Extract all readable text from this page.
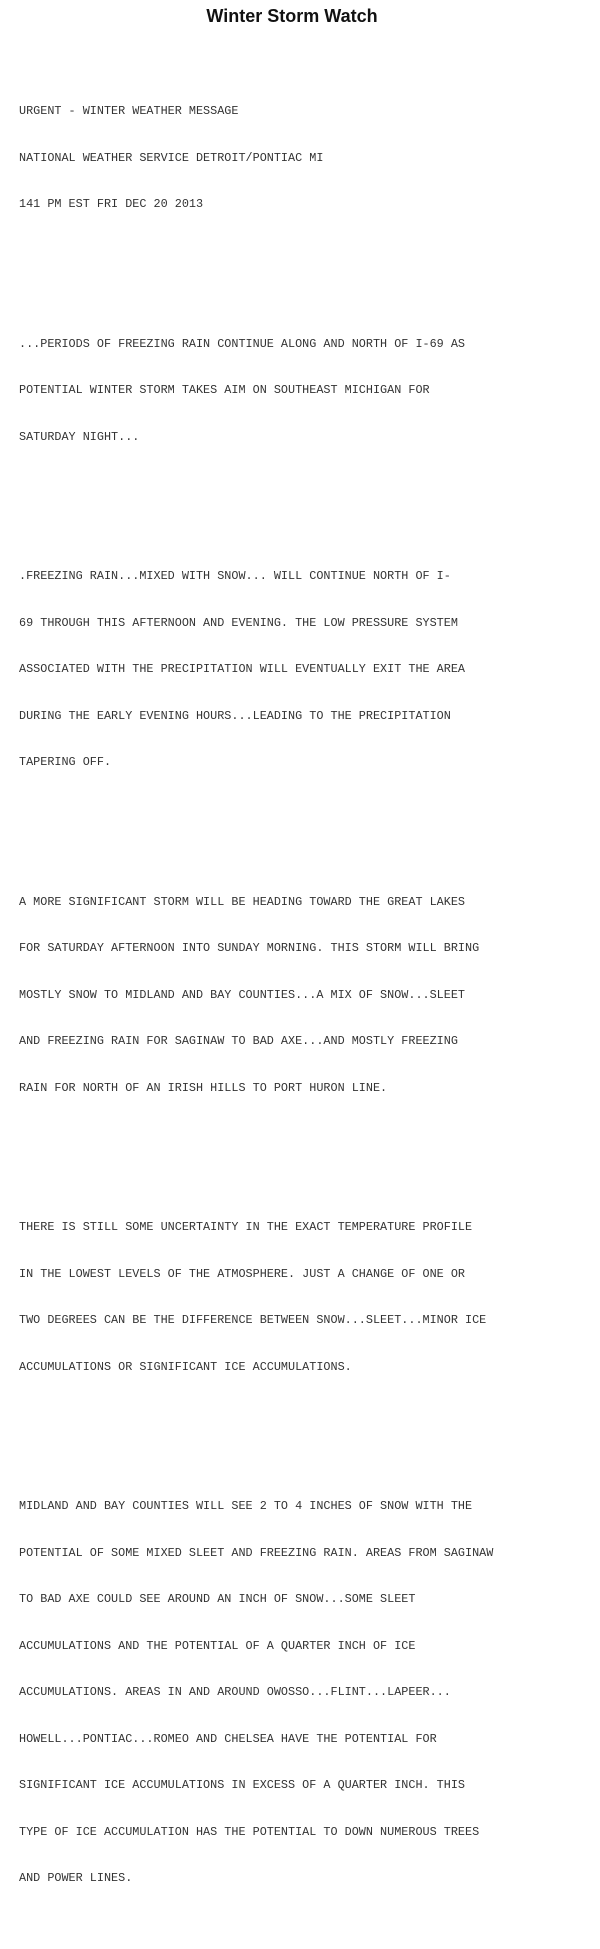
Winter Storm Watch

URGENT - WINTER WEATHER MESSAGE

NATIONAL WEATHER SERVICE DETROIT/PONTIAC MI

141 PM EST FRI DEC 20 2013

...PERIODS OF FREEZING RAIN CONTINUE ALONG AND NORTH OF I-69 AS

POTENTIAL WINTER STORM TAKES AIM ON SOUTHEAST MICHIGAN FOR

SATURDAY NIGHT...

.FREEZING RAIN...MIXED WITH SNOW... WILL CONTINUE NORTH OF I-

69 THROUGH THIS AFTERNOON AND EVENING. THE LOW PRESSURE SYSTEM

ASSOCIATED WITH THE PRECIPITATION WILL EVENTUALLY EXIT THE AREA

DURING THE EARLY EVENING HOURS...LEADING TO THE PRECIPITATION

TAPERING OFF.

A MORE SIGNIFICANT STORM WILL BE HEADING TOWARD THE GREAT LAKES

FOR SATURDAY AFTERNOON INTO SUNDAY MORNING. THIS STORM WILL BRING

MOSTLY SNOW TO MIDLAND AND BAY COUNTIES...A MIX OF SNOW...SLEET

AND FREEZING RAIN FOR SAGINAW TO BAD AXE...AND MOSTLY FREEZING

RAIN FOR NORTH OF AN IRISH HILLS TO PORT HURON LINE.

THERE IS STILL SOME UNCERTAINTY IN THE EXACT TEMPERATURE PROFILE

IN THE LOWEST LEVELS OF THE ATMOSPHERE. JUST A CHANGE OF ONE OR

TWO DEGREES CAN BE THE DIFFERENCE BETWEEN SNOW...SLEET...MINOR ICE

ACCUMULATIONS OR SIGNIFICANT ICE ACCUMULATIONS.

MIDLAND AND BAY COUNTIES WILL SEE 2 TO 4 INCHES OF SNOW WITH THE

POTENTIAL OF SOME MIXED SLEET AND FREEZING RAIN. AREAS FROM SAGINAW

TO BAD AXE COULD SEE AROUND AN INCH OF SNOW...SOME SLEET

ACCUMULATIONS AND THE POTENTIAL OF A QUARTER INCH OF ICE

ACCUMULATIONS. AREAS IN AND AROUND OWOSSO...FLINT...LAPEER...

HOWELL...PONTIAC...ROMEO AND CHELSEA HAVE THE POTENTIAL FOR

SIGNIFICANT ICE ACCUMULATIONS IN EXCESS OF A QUARTER INCH. THIS

TYPE OF ICE ACCUMULATION HAS THE POTENTIAL TO DOWN NUMEROUS TREES

AND POWER LINES.
